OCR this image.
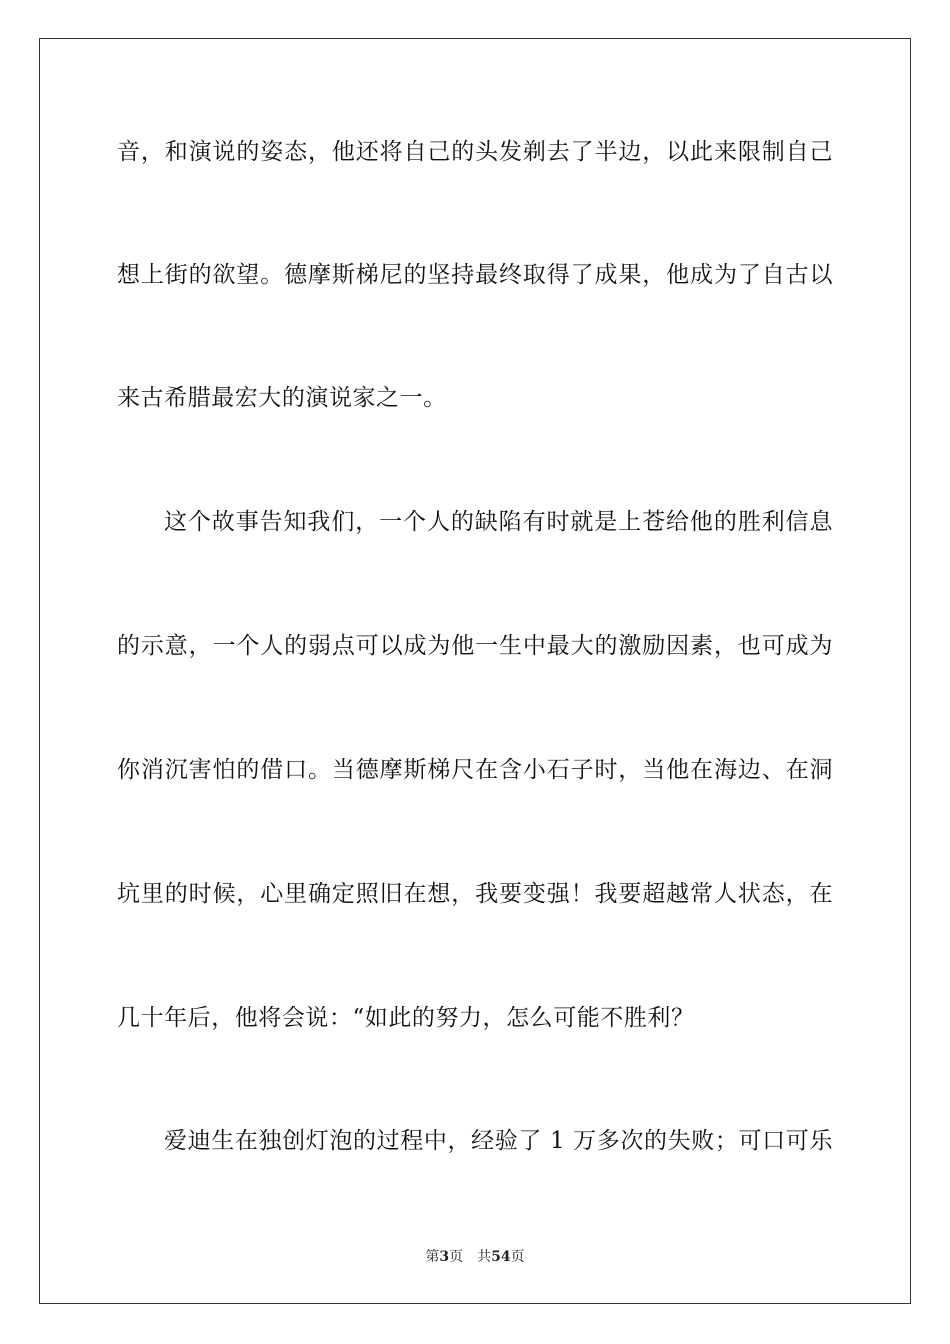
音，和演说的姿态，他还将自己的头发剃去了半边，以此来限制自己
想上街的欲望。德摩斯梯尼的坚持最终取得了成果，他成为了自古以
来古希腊最宏大的演说家之一。
这个故事告知我们，一个人的缺陷有时就是上苍给他的胜利信息
的示意，一个人的弱点可以成为他一生中最大的激励因素，也可成为
你消沉害怕的借口。当德摩斯梯尺在含小石子时，当他在海边、在洞
坑里的时候，心里确定照旧在想，我要变强！我要超越常人状态，在
几十年后，他将会说：“如此的努力，怎么可能不胜利？
爱迪生在独创灯泡的过程中，经验了 1 万多次的失败；可口可乐
第3页 共54页
